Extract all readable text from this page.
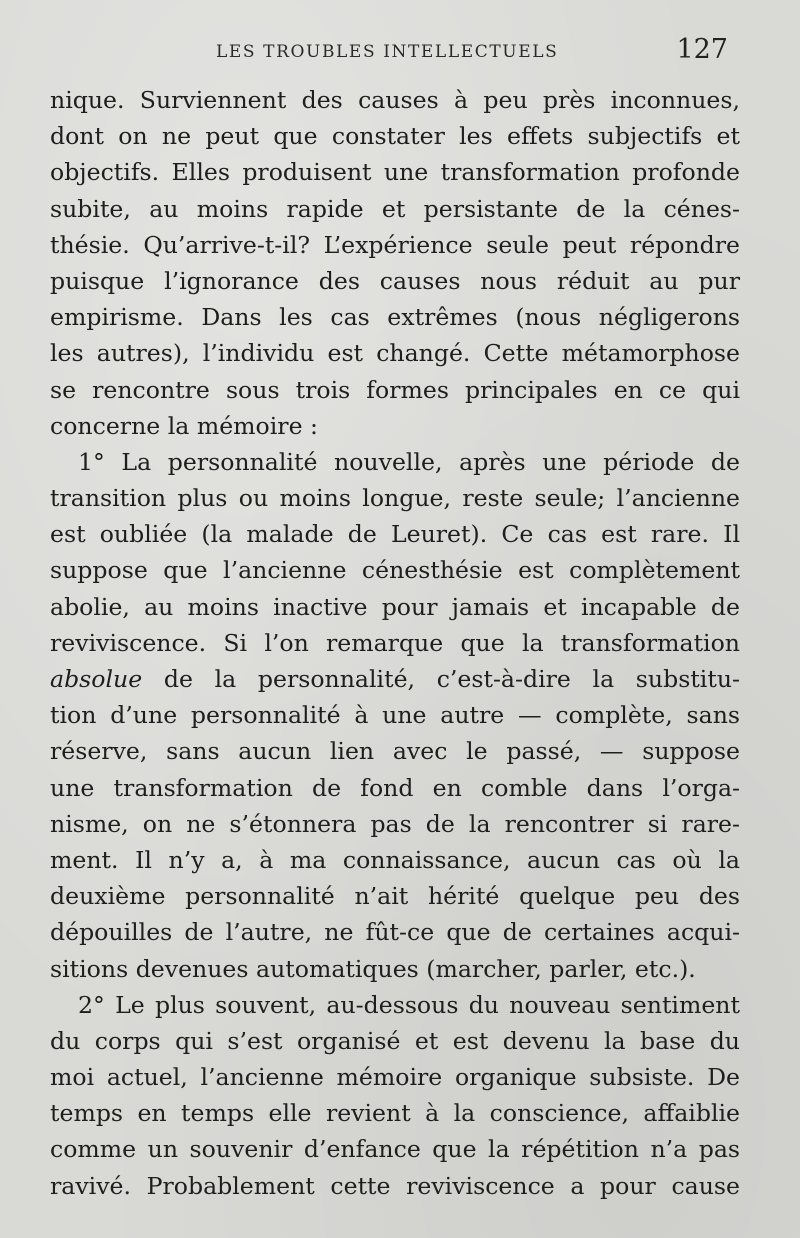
LES TROUBLES INTELLECTUELS	127
nique. Surviennent des causes à peu près inconnues,
dont on ne peut que constater les effets subjectifs et
objectifs. Elles produisent une transformation profonde
subite, au moins rapide et persistante de la cénes-
thésie. Qu’arrive-t-il? L’expérience seule peut répondre
puisque l’ignorance des causes nous réduit au pur
empirisme. Dans les cas extrêmes (nous négligerons
les autres), l’individu est changé. Cette métamorphose
se rencontre sous trois formes principales en ce qui
concerne la mémoire :
1° La personnalité nouvelle, après une période de
transition plus ou moins longue, reste seule; l’ancienne
est oubliée (la malade de Leuret). Ce cas est rare. Il
suppose que l’ancienne cénesthésie est complètement
abolie, au moins inactive pour jamais et incapable de
reviviscence. Si l’on remarque que la transformation
absolue de la personnalité, c’est-à-dire la substitu-
tion d’une personnalité à une autre — complète, sans
réserve, sans aucun lien avec le passé, — suppose
une transformation de fond en comble dans l’orga-
nisme, on ne s’étonnera pas de la rencontrer si rare-
ment. Il n’y a, à ma connaissance, aucun cas où la
deuxième personnalité n’ait hérité quelque peu des
dépouilles de l’autre, ne fût-ce que de certaines acqui-
sitions devenues automatiques (marcher, parler, etc.).
2° Le plus souvent, au-dessous du nouveau sentiment
du corps qui s’est organisé et est devenu la base du
moi actuel, l’ancienne mémoire organique subsiste. De
temps en temps elle revient à la conscience, affaiblie
comme un souvenir d’enfance que la répétition n’a pas
ravivé. Probablement cette reviviscence a pour cause
